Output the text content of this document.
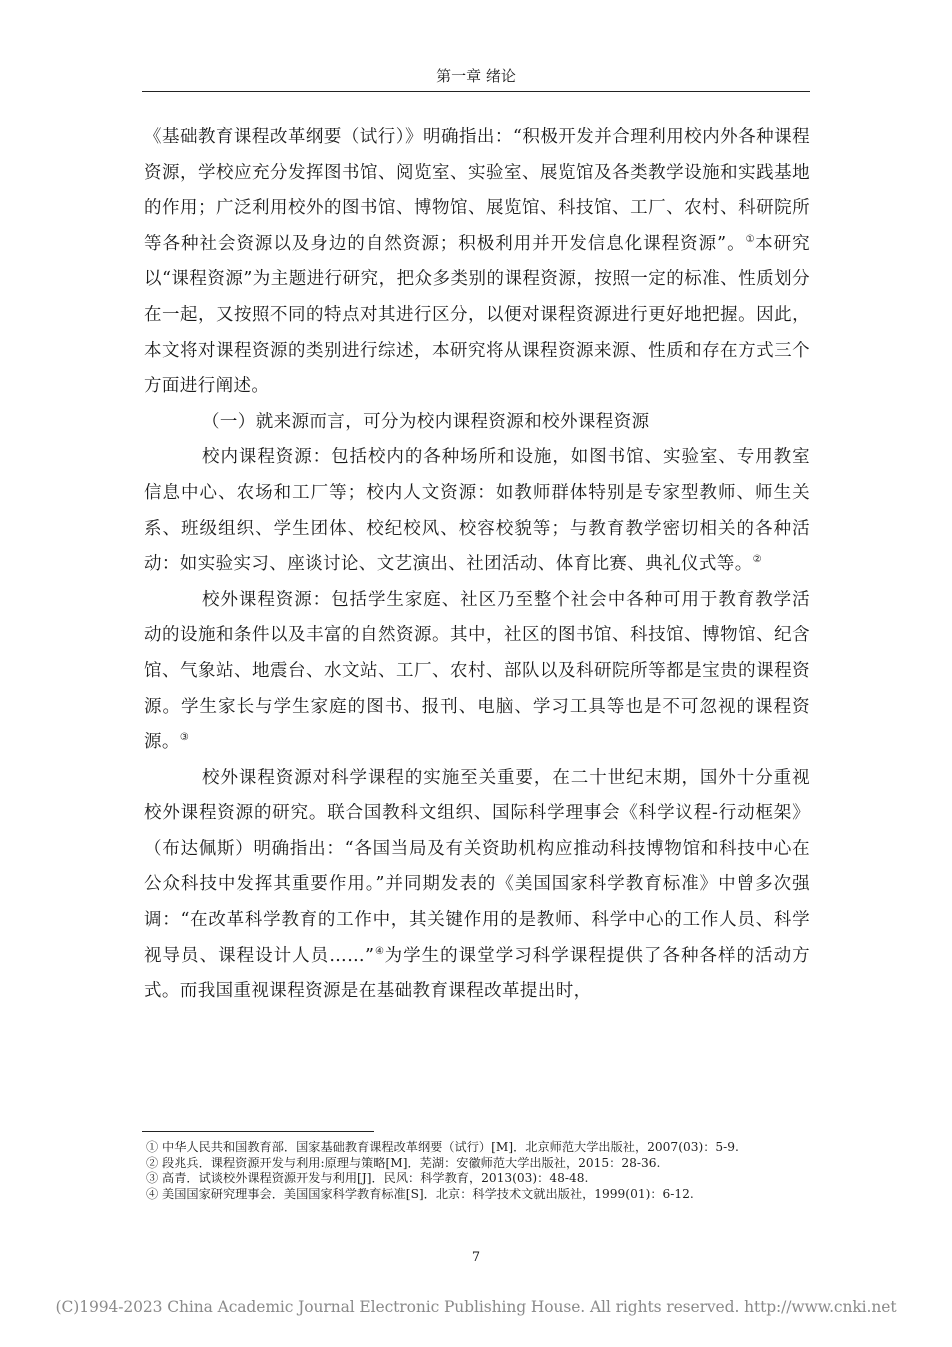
第一章 绪论

《基础教育课程改革纲要（试行）》明确指出：“积极开发并合理利用校内外各种课程资源，学校应充分发挥图书馆、阅览室、实验室、展览馆及各类教学设施和实践基地的作用；广泛利用校外的图书馆、博物馆、展览馆、科技馆、工厂、农村、科研院所等各种社会资源以及身边的自然资源；积极利用并开发信息化课程资源”。①本研究以“课程资源”为主题进行研究，把众多类别的课程资源，按照一定的标准、性质划分在一起，又按照不同的特点对其进行区分，以便对课程资源进行更好地把握。因此，本文将对课程资源的类别进行综述，本研究将从课程资源来源、性质和存在方式三个方面进行阐述。

（一）就来源而言，可分为校内课程资源和校外课程资源

校内课程资源：包括校内的各种场所和设施，如图书馆、实验室、专用教室信息中心、农场和工厂等；校内人文资源：如教师群体特别是专家型教师、师生关系、班级组织、学生团体、校纪校风、校容校貌等；与教育教学密切相关的各种活动：如实验实习、座谈讨论、文艺演出、社团活动、体育比赛、典礼仪式等。②

校外课程资源：包括学生家庭、社区乃至整个社会中各种可用于教育教学活动的设施和条件以及丰富的自然资源。其中，社区的图书馆、科技馆、博物馆、纪含馆、气象站、地震台、水文站、工厂、农村、部队以及科研院所等都是宝贵的课程资源。学生家长与学生家庭的图书、报刊、电脑、学习工具等也是不可忽视的课程资源。③

校外课程资源对科学课程的实施至关重要，在二十世纪末期，国外十分重视校外课程资源的研究。联合国教科文组织、国际科学理事会《科学议程-行动框架》（布达佩斯）明确指出：“各国当局及有关资助机构应推动科技博物馆和科技中心在公众科技中发挥其重要作用。”并同期发表的《美国国家科学教育标准》中曾多次强调：“在改革科学教育的工作中，其关键作用的是教师、科学中心的工作人员、科学视导员、课程设计人员……”④为学生的课堂学习科学课程提供了各种各样的活动方式。而我国重视课程资源是在基础教育课程改革提出时，

① 中华人民共和国教育部．国家基础教育课程改革纲要（试行）[M]．北京师范大学出版社，2007(03)：5-9.
② 段兆兵．课程资源开发与利用:原理与策略[M]．芜湖：安徽师范大学出版社，2015：28-36.
③ 高青．试谈校外课程资源开发与利用[J]．民风：科学教育，2013(03)：48-48.
④ 美国国家研究理事会．美国国家科学教育标准[S]．北京：科学技术文就出版社，1999(01)：6-12.
7
(C)1994-2023 China Academic Journal Electronic Publishing House. All rights reserved. http://www.cnki.net
